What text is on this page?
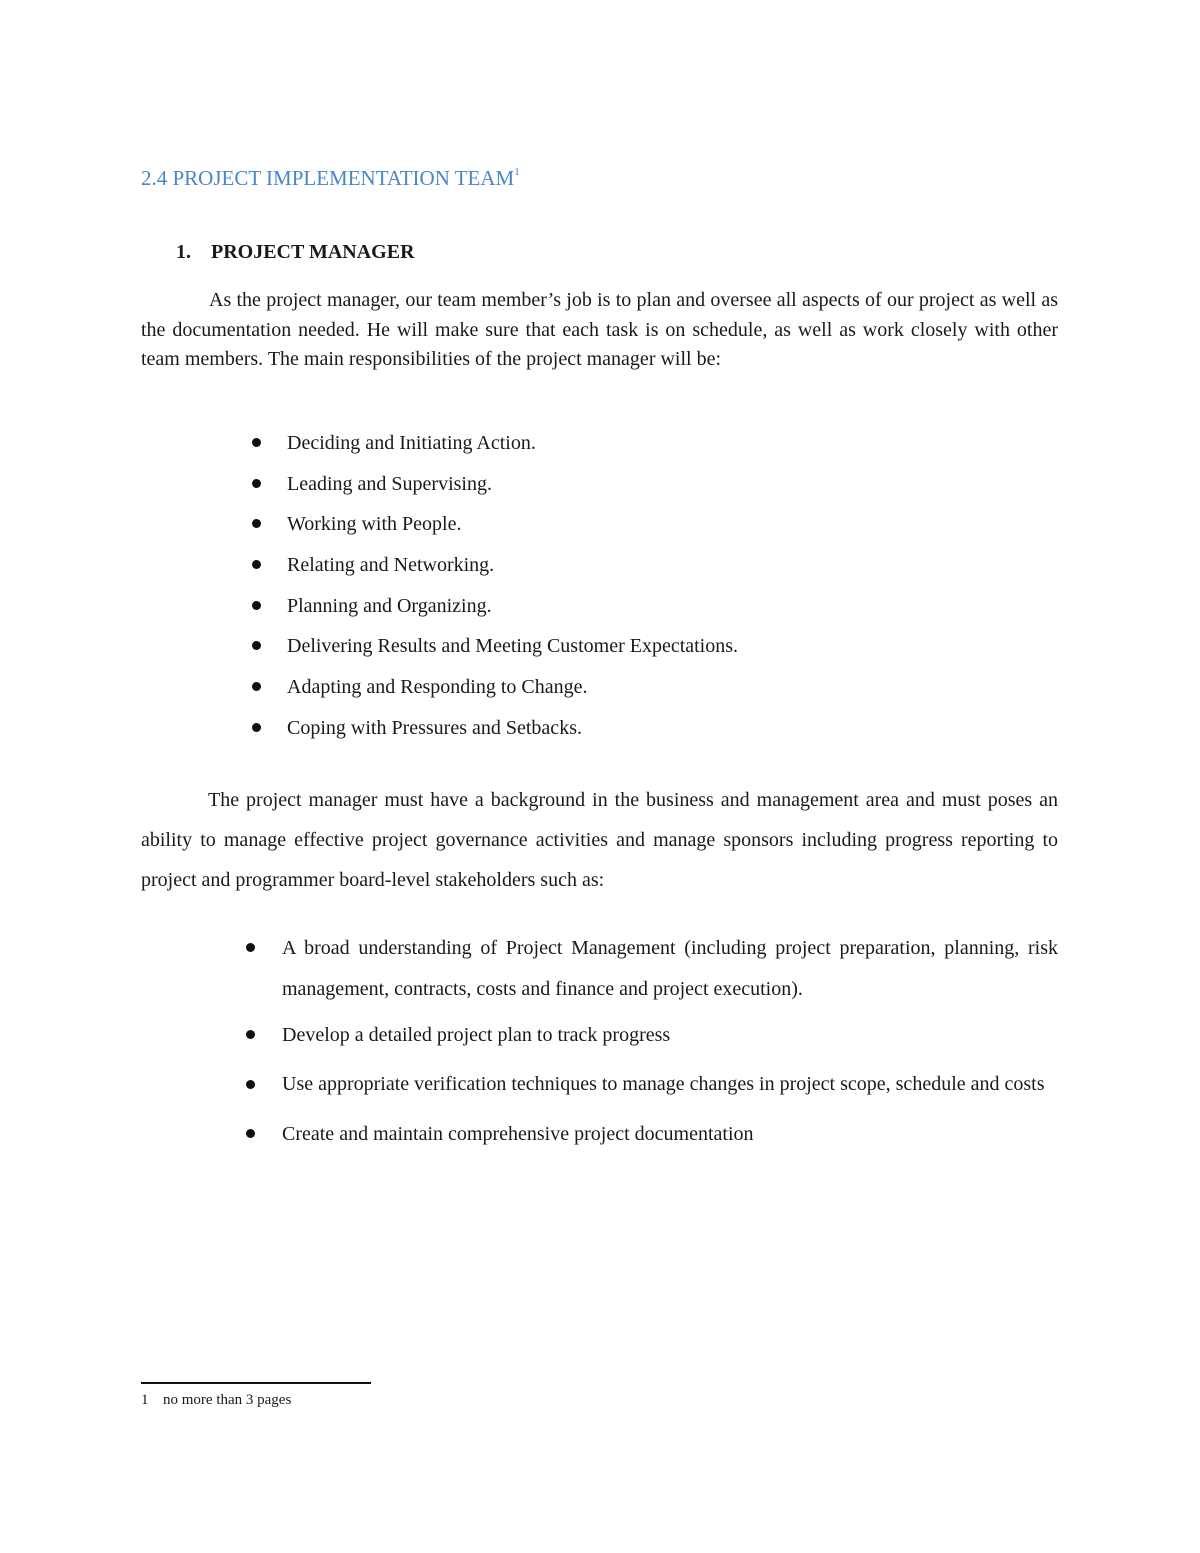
2.4 PROJECT IMPLEMENTATION TEAM$^1$
1. PROJECT MANAGER

As the project manager, our team member’s job is to plan and oversee all aspects of our project as well as the documentation needed. He will make sure that each task is on schedule, as well as work closely with other team members. The main responsibilities of the project manager will be:

Deciding and Initiating Action.
Leading and Supervising.
Working with People.
Relating and Networking.
Planning and Organizing.
Delivering Results and Meeting Customer Expectations.
Adapting and Responding to Change.
Coping with Pressures and Setbacks.

The project manager must have a background in the business and management area and must poses an ability to manage effective project governance activities and manage sponsors including progress reporting to project and programmer board-level stakeholders such as:

A broad understanding of Project Management (including project preparation, planning, risk management, contracts, costs and finance and project execution).
Develop a detailed project plan to track progress
Use appropriate verification techniques to manage changes in project scope, schedule and costs
Create and maintain comprehensive project documentation
1 no more than 3 pages
